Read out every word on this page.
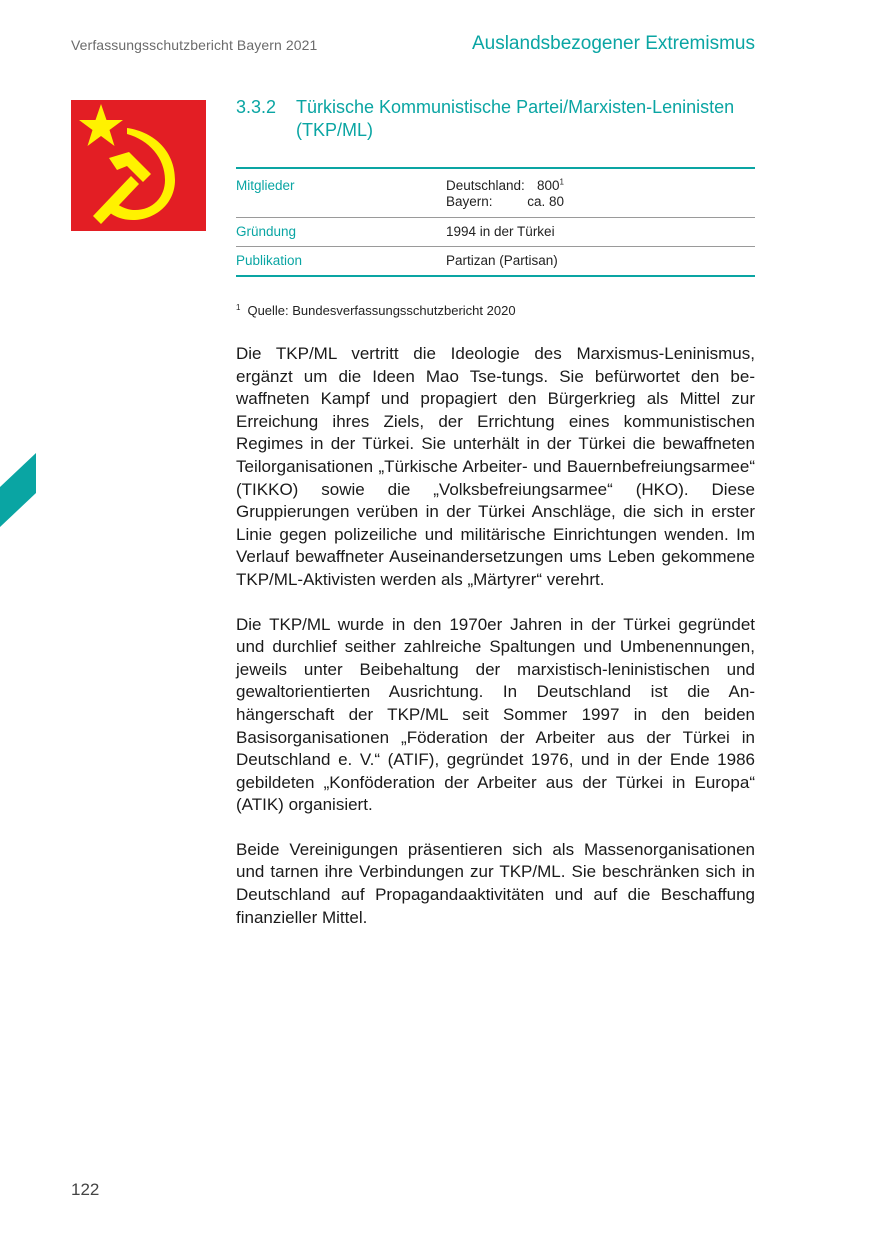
Verfassungsschutzbericht Bayern 2021	Auslandsbezogener Extremismus
3.3.2 Türkische Kommunistische Partei/Marxisten-Leninisten (TKP/ML)
Mitglieder	Deutschland: $800^1$
Bayern: ca. 80

Gründung	1994 in der Türkei
Publikation	Partizan (Partisan)
$^1$ Quelle: Bundesverfassungsschutzbericht 2020

Die TKP/ML vertritt die Ideologie des Marxismus-Leninismus, ergänzt um die Ideen Mao Tse-tungs. Sie befürwortet den bewaffneten Kampf und propagiert den Bürgerkrieg als Mittel zur Erreichung ihres Ziels, der Errichtung eines kommunistischen Regimes in der Türkei. Sie unterhält in der Türkei die bewaffneten Teilorganisationen „Türkische Arbeiter- und Bauernbefreiungsarmee“ (TIKKO) sowie die „Volksbefreiungsarmee“ (HKO). Diese Gruppierungen verüben in der Türkei Anschläge, die sich in erster Linie gegen polizeiliche und militärische Einrichtungen wenden. Im Verlauf bewaffneter Auseinandersetzungen ums Leben gekommene TKP/ML-Aktivisten werden als „Märtyrer“ verehrt.

Die TKP/ML wurde in den 1970er Jahren in der Türkei gegründet und durchlief seither zahlreiche Spaltungen und Umbenennungen, jeweils unter Beibehaltung der marxistisch-leninistischen und gewaltorientierten Ausrichtung. In Deutschland ist die Anhängerschaft der TKP/ML seit Sommer 1997 in den beiden Basisorganisationen „Föderation der Arbeiter aus der Türkei in Deutschland e. V.“ (ATIF), gegründet 1976, und in der Ende 1986 gebildeten „Konföderation der Arbeiter aus der Türkei in Europa“ (ATIK) organisiert.

Beide Vereinigungen präsentieren sich als Massenorganisationen und tarnen ihre Verbindungen zur TKP/ML. Sie beschränken sich in Deutschland auf Propagandaaktivitäten und auf die Beschaffung finanzieller Mittel.

122
